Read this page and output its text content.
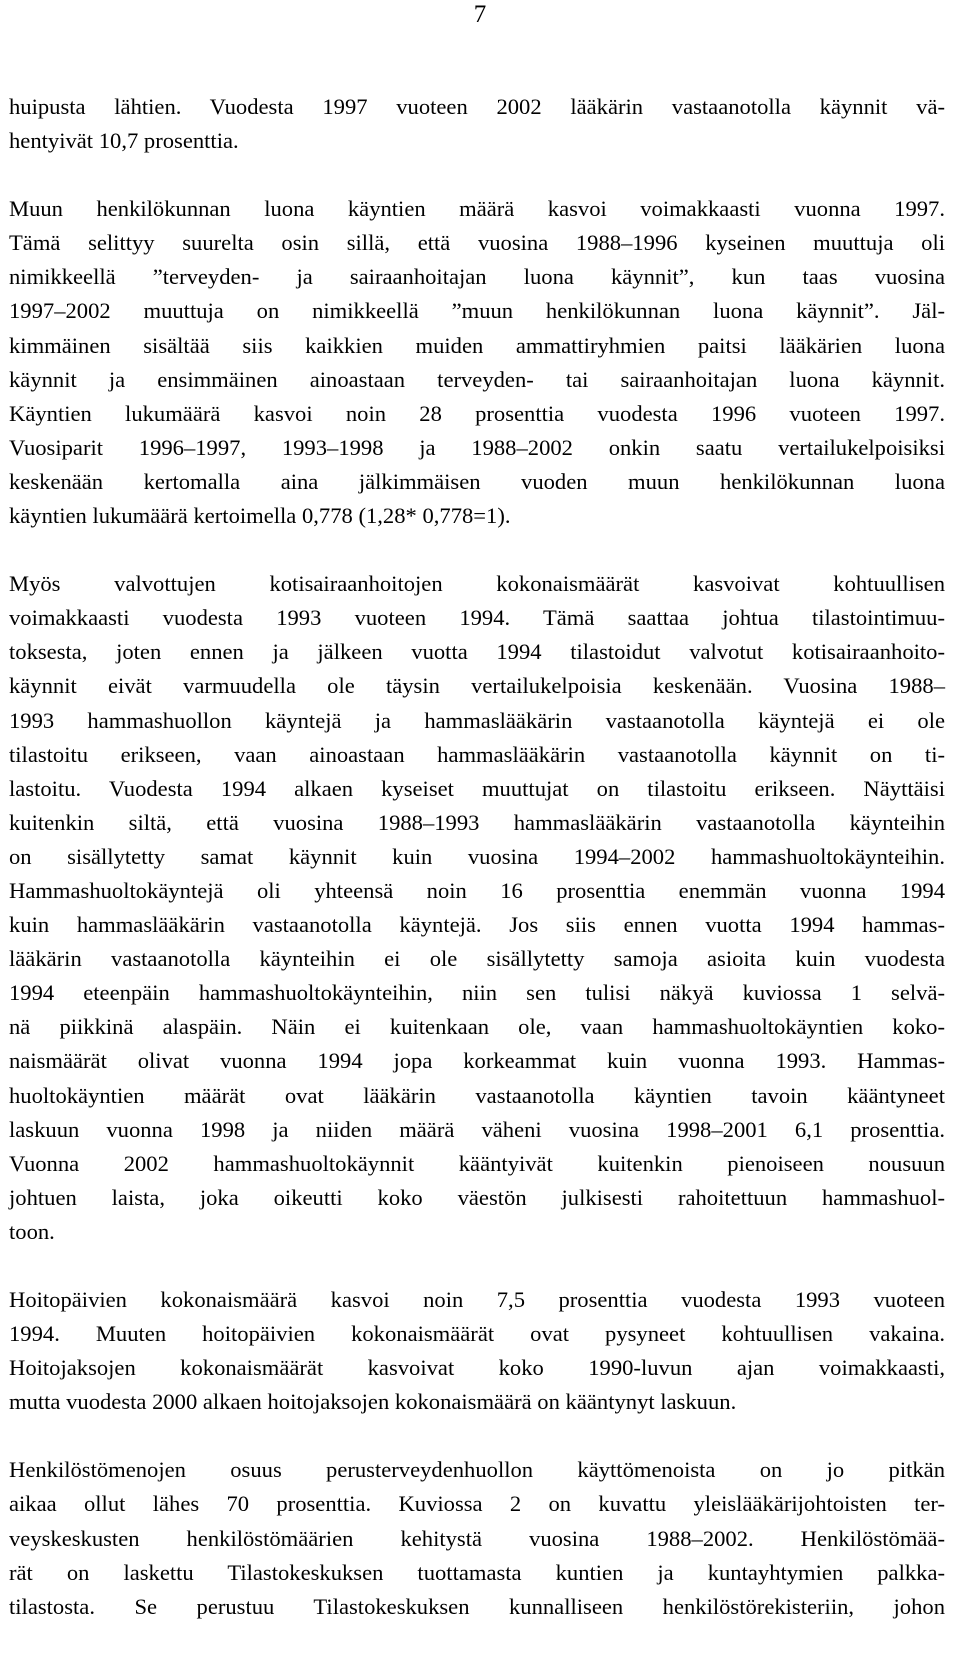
7
huipusta lähtien. Vuodesta 1997 vuoteen 2002 lääkärin vastaanotolla käynnit vä-
hentyivät 10,7 prosenttia.
Muun henkilökunnan luona käyntien määrä kasvoi voimakkaasti vuonna 1997.
Tämä selittyy suurelta osin sillä, että vuosina 1988–1996 kyseinen muuttuja oli
nimikkeellä ”terveyden- ja sairaanhoitajan luona käynnit”, kun taas vuosina
1997–2002 muuttuja on nimikkeellä ”muun henkilökunnan luona käynnit”. Jäl-
kimmäinen sisältää siis kaikkien muiden ammattiryhmien paitsi lääkärien luona
käynnit ja ensimmäinen ainoastaan terveyden- tai sairaanhoitajan luona käynnit.
Käyntien lukumäärä kasvoi noin 28 prosenttia vuodesta 1996 vuoteen 1997.
Vuosiparit 1996–1997, 1993–1998 ja 1988–2002 onkin saatu vertailukelpoisiksi
keskenään kertomalla aina jälkimmäisen vuoden muun henkilökunnan luona
käyntien lukumäärä kertoimella 0,778 (1,28* 0,778=1).
Myös valvottujen kotisairaanhoitojen kokonaismäärät kasvoivat kohtuullisen
voimakkaasti vuodesta 1993 vuoteen 1994. Tämä saattaa johtua tilastointimuu-
toksesta, joten ennen ja jälkeen vuotta 1994 tilastoidut valvotut kotisairaanhoito-
käynnit eivät varmuudella ole täysin vertailukelpoisia keskenään. Vuosina 1988–
1993 hammashuollon käyntejä ja hammaslääkärin vastaanotolla käyntejä ei ole
tilastoitu erikseen, vaan ainoastaan hammaslääkärin vastaanotolla käynnit on ti-
lastoitu. Vuodesta 1994 alkaen kyseiset muuttujat on tilastoitu erikseen. Näyttäisi
kuitenkin siltä, että vuosina 1988–1993 hammaslääkärin vastaanotolla käynteihin
on sisällytetty samat käynnit kuin vuosina 1994–2002 hammashuoltokäynteihin.
Hammashuoltokäyntejä oli yhteensä noin 16 prosenttia enemmän vuonna 1994
kuin hammaslääkärin vastaanotolla käyntejä. Jos siis ennen vuotta 1994 hammas-
lääkärin vastaanotolla käynteihin ei ole sisällytetty samoja asioita kuin vuodesta
1994 eteenpäin hammashuoltokäynteihin, niin sen tulisi näkyä kuviossa 1 selvä-
nä piikkinä alaspäin. Näin ei kuitenkaan ole, vaan hammashuoltokäyntien koko-
naismäärät olivat vuonna 1994 jopa korkeammat kuin vuonna 1993. Hammas-
huoltokäyntien määrät ovat lääkärin vastaanotolla käyntien tavoin kääntyneet
laskuun vuonna 1998 ja niiden määrä väheni vuosina 1998–2001 6,1 prosenttia.
Vuonna 2002 hammashuoltokäynnit kääntyivät kuitenkin pienoiseen nousuun
johtuen laista, joka oikeutti koko väestön julkisesti rahoitettuun hammashuol-
toon.
Hoitopäivien kokonaismäärä kasvoi noin 7,5 prosenttia vuodesta 1993 vuoteen
1994. Muuten hoitopäivien kokonaismäärät ovat pysyneet kohtuullisen vakaina.
Hoitojaksojen kokonaismäärät kasvoivat koko 1990-luvun ajan voimakkaasti,
mutta vuodesta 2000 alkaen hoitojaksojen kokonaismäärä on kääntynyt laskuun.
Henkilöstömenojen osuus perusterveydenhuollon käyttömenoista on jo pitkän
aikaa ollut lähes 70 prosenttia. Kuviossa 2 on kuvattu yleislääkärijohtoisten ter-
veyskeskusten henkilöstömäärien kehitystä vuosina 1988–2002. Henkilöstömää-
rät on laskettu Tilastokeskuksen tuottamasta kuntien ja kuntayhtymien palkka-
tilastosta. Se perustuu Tilastokeskuksen kunnalliseen henkilöstörekisteriin, johon
